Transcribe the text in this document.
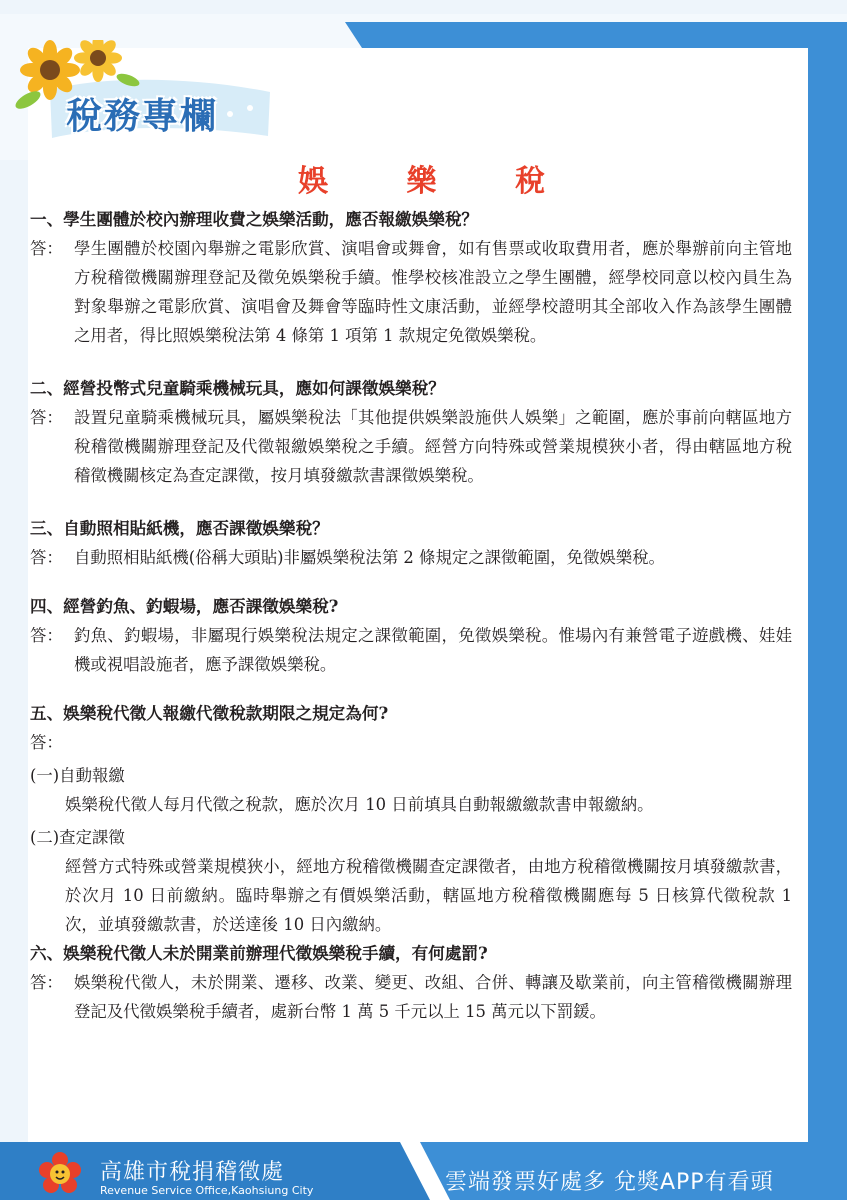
稅務專欄
娛 樂 稅
一、學生團體於校內辦理收費之娛樂活動，應否報繳娛樂稅？
答： 學生團體於校園內舉辦之電影欣賞、演唱會或舞會，如有售票或收取費用者，應於舉辦前向主管地方稅稽徵機關辦理登記及徵免娛樂稅手續。惟學校核准設立之學生團體，經學校同意以校內員生為對象舉辦之電影欣賞、演唱會及舞會等臨時性文康活動，並經學校證明其全部收入作為該學生團體之用者，得比照娛樂稅法第 4 條第 1 項第 1 款規定免徵娛樂稅。
二、經營投幣式兒童騎乘機械玩具，應如何課徵娛樂稅？
答： 設置兒童騎乘機械玩具，屬娛樂稅法「其他提供娛樂設施供人娛樂」之範圍，應於事前向轄區地方稅稽徵機關辦理登記及代徵報繳娛樂稅之手續。經營方向特殊或營業規模狹小者，得由轄區地方稅稽徵機關核定為查定課徵，按月填發繳款書課徵娛樂稅。
三、自動照相貼紙機，應否課徵娛樂稅？
答： 自動照相貼紙機(俗稱大頭貼)非屬娛樂稅法第 2 條規定之課徵範圍，免徵娛樂稅。
四、經營釣魚、釣蝦場，應否課徵娛樂稅?
答： 釣魚、釣蝦場，非屬現行娛樂稅法規定之課徵範圍，免徵娛樂稅。惟場內有兼營電子遊戲機、娃娃機或視唱設施者，應予課徵娛樂稅。
五、娛樂稅代徵人報繳代徵稅款期限之規定為何?
答：
(一)自動報繳
娛樂稅代徵人每月代徵之稅款，應於次月 10 日前填具自動報繳繳款書申報繳納。
(二)查定課徵
經營方式特殊或營業規模狹小，經地方稅稽徵機關查定課徵者，由地方稅稽徵機關按月填發繳款書，於次月 10 日前繳納。臨時舉辦之有價娛樂活動，轄區地方稅稽徵機關應每 5 日核算代徵稅款 1 次，並填發繳款書，於送達後 10 日內繳納。
六、娛樂稅代徵人未於開業前辦理代徵娛樂稅手續，有何處罰?
答： 娛樂稅代徵人，未於開業、遷移、改業、變更、改組、合併、轉讓及歇業前，向主管稽徵機關辦理登記及代徵娛樂稅手續者，處新台幣 1 萬 5 千元以上 15 萬元以下罰鍰。
高雄市稅捐稽徵處
Revenue Service Office,Kaohsiung City	雲端發票好處多 兌獎APP有看頭
